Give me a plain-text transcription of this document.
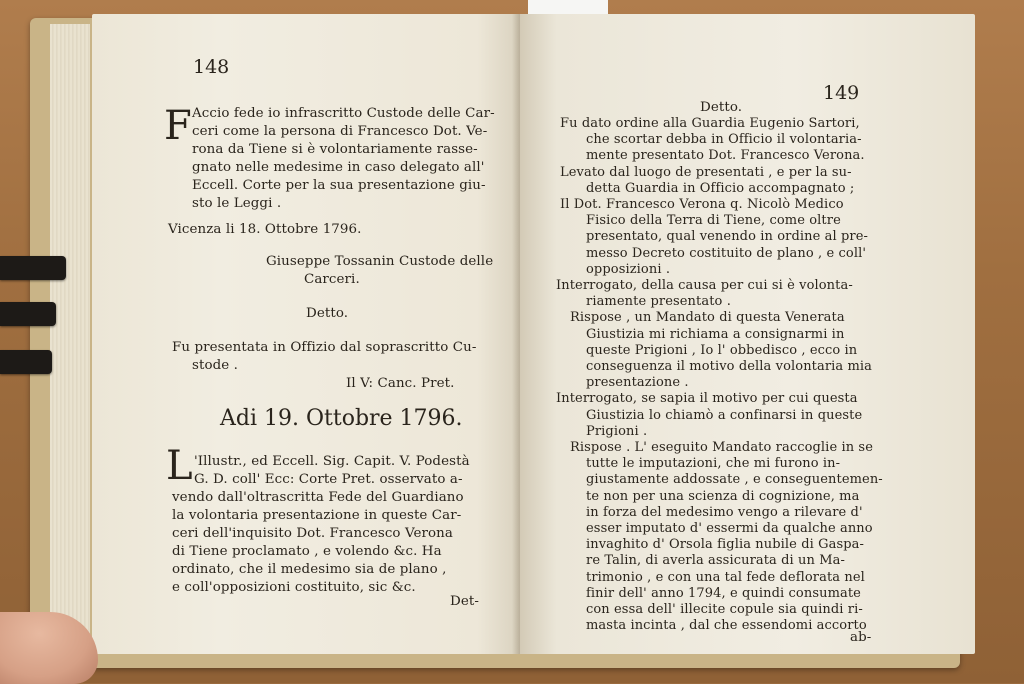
148
F Accio fede io infrascritto Custode delle Car-
ceri come la persona di Francesco Dot. Ve-
rona da Tiene si è volontariamente rasse-
gnato nelle medesime in caso delegato all'
Eccell. Corte per la sua presentazione giu-
sto le Leggi .
Vicenza li 18. Ottobre 1796.
Giuseppe Tossanin Custode delle
Carceri.
Detto.
Fu presentata in Offizio dal soprascritto Cu-
stode .
Il V: Canc. Pret.
Adi 19. Ottobre 1796.
L 'Illustr., ed Eccell. Sig. Capit. V. Podestà
G. D. coll' Ecc: Corte Pret. osservato a-
vendo dall'oltrascritta Fede del Guardiano
la volontaria presentazione in queste Car-
ceri dell'inquisito Dot. Francesco Verona
di Tiene proclamato , e volendo &c. Ha
ordinato, che il medesimo sia de plano ,
e coll'opposizioni costituito, sic &c.
Det-
149
Detto.
Fu dato ordine alla Guardia Eugenio Sartori,
che scortar debba in Officio il volontaria-
mente presentato Dot. Francesco Verona.
Levato dal luogo de presentati , e per la su-
detta Guardia in Officio accompagnato ;
Il Dot. Francesco Verona q. Nicolò Medico
Fisico della Terra di Tiene, come oltre
presentato, qual venendo in ordine al pre-
messo Decreto costituito de plano , e coll'
opposizioni .
Interrogato, della causa per cui si è volonta-
riamente presentato .
Rispose , un Mandato di questa Venerata
Giustizia mi richiama a consignarmi in
queste Prigioni , Io l' obbedisco , ecco in
conseguenza il motivo della volontaria mia
presentazione .
Interrogato, se sapia il motivo per cui questa
Giustizia lo chiamò a confinarsi in queste
Prigioni .
Rispose . L' eseguito Mandato raccoglie in se
tutte le imputazioni, che mi furono in-
giustamente addossate , e conseguentemen-
te non per una scienza di cognizione, ma
in forza del medesimo vengo a rilevare d'
esser imputato d' essermi da qualche anno
invaghito d' Orsola figlia nubile di Gaspa-
re Talin, di averla assicurata di un Ma-
trimonio , e con una tal fede deflorata nel
finir dell' anno 1794, e quindi consumate
con essa dell' illecite copule sia quindi ri-
masta incinta , dal che essendomi accorto
ab-
